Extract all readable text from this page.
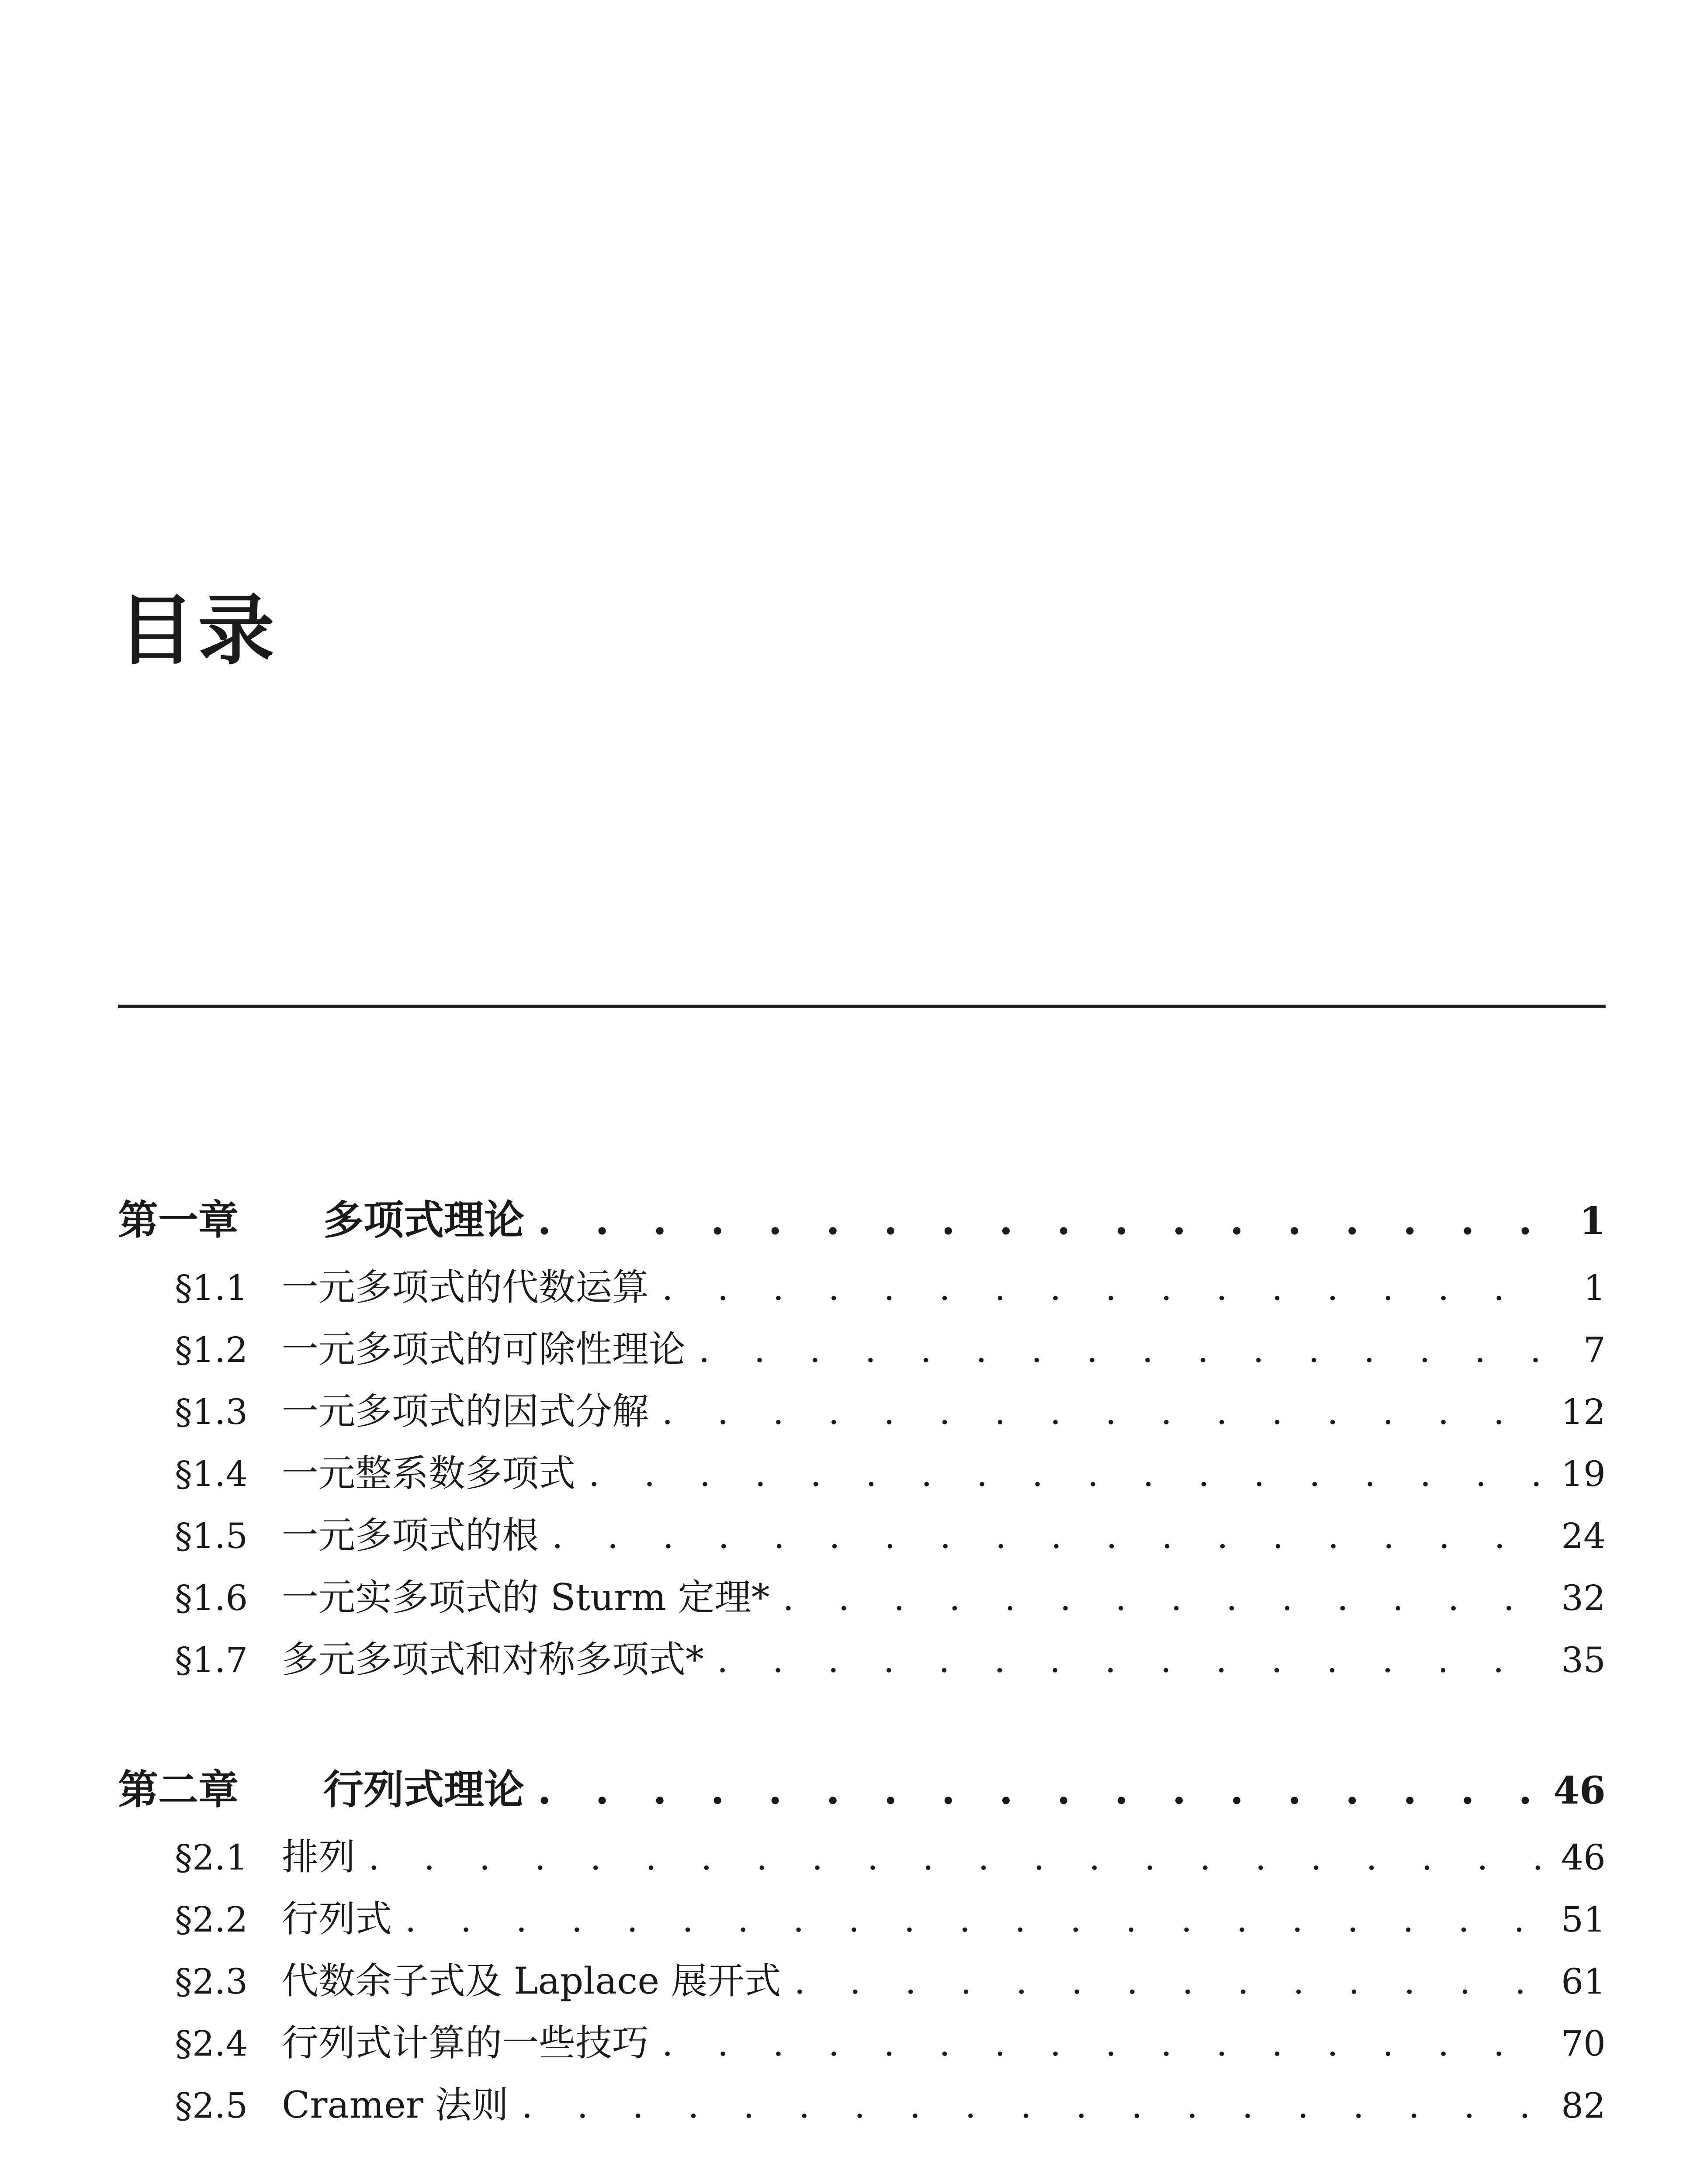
目录
第一章	多项式理论 . . .	1
§1.1 一元多项式的代数运算 . . .	1
§1.2 一元多项式的可除性理论 . . .	7
§1.3 一元多项式的因式分解 . . .	12
§1.4 一元整系数多项式 . . .	19
§1.5 一元多项式的根 . . .	24
§1.6 一元实多项式的 Sturm 定理* . . .	32
§1.7 多元多项式和对称多项式* . . .	35
第二章	行列式理论 . . .	46
§2.1 排列 . . .	46
§2.2 行列式 . . .	51
§2.3 代数余子式及 Laplace 展开式 . . .	61
§2.4 行列式计算的一些技巧 . . .	70
§2.5 Cramer 法则 . . .	82
